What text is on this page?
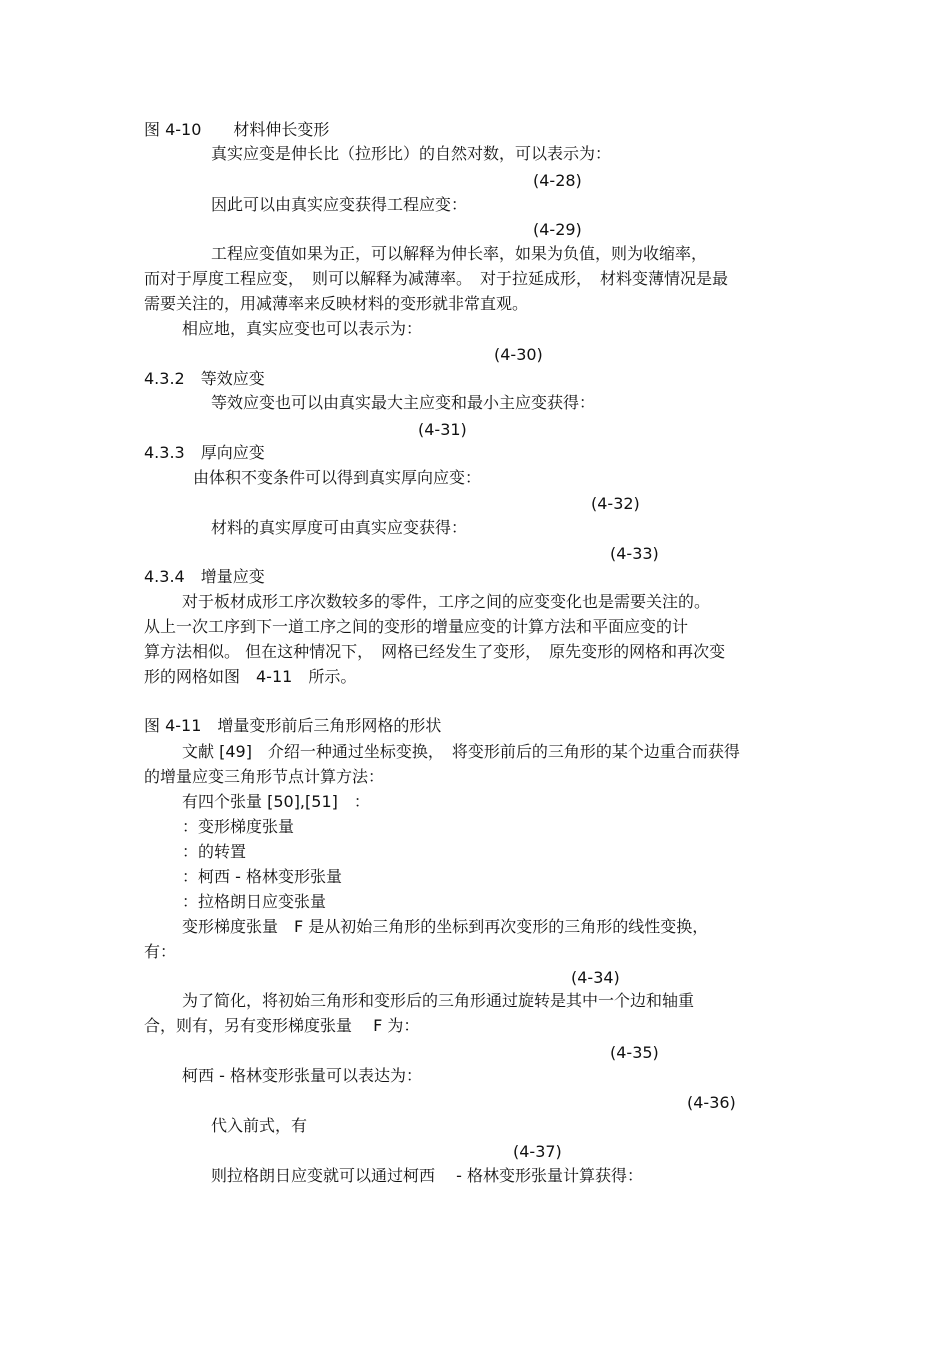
图 4-10　　材料伸长变形
真实应变是伸长比（拉形比）的自然对数，可以表示为：
(4-28)
因此可以由真实应变获得工程应变：
(4-29)
工程应变值如果为正，可以解释为伸长率，如果为负值，则为收缩率，
而对于厚度工程应变，　则可以解释为减薄率。　对于拉延成形，　材料变薄情况是最
需要关注的，用减薄率来反映材料的变形就非常直观。
相应地，真实应变也可以表示为：
(4-30)
4.3.2　等效应变
等效应变也可以由真实最大主应变和最小主应变获得：
(4-31)
4.3.3　厚向应变
由体积不变条件可以得到真实厚向应变：
(4-32)
材料的真实厚度可由真实应变获得：
(4-33)
4.3.4　增量应变
对于板材成形工序次数较多的零件，工序之间的应变变化也是需要关注的。
从上一次工序到下一道工序之间的变形的增量应变的计算方法和平面应变的计
算方法相似。 但在这种情况下，　网格已经发生了变形，　原先变形的网格和再次变
形的网格如图　4-11　所示。
图 4-11　增量变形前后三角形网格的形状
文献 [49]　介绍一种通过坐标变换，　将变形前后的三角形的某个边重合而获得
的增量应变三角形节点计算方法：
有四个张量 [50],[51]　：
：变形梯度张量
：的转置
：柯西 - 格林变形张量
：拉格朗日应变张量
变形梯度张量　F 是从初始三角形的坐标到再次变形的三角形的线性变换，
有：
(4-34)
为了简化，将初始三角形和变形后的三角形通过旋转是其中一个边和轴重
合，则有，另有变形梯度张量　 F 为：
(4-35)
柯西 - 格林变形张量可以表达为：
(4-36)
代入前式，有
(4-37)
则拉格朗日应变就可以通过柯西　 - 格林变形张量计算获得：
